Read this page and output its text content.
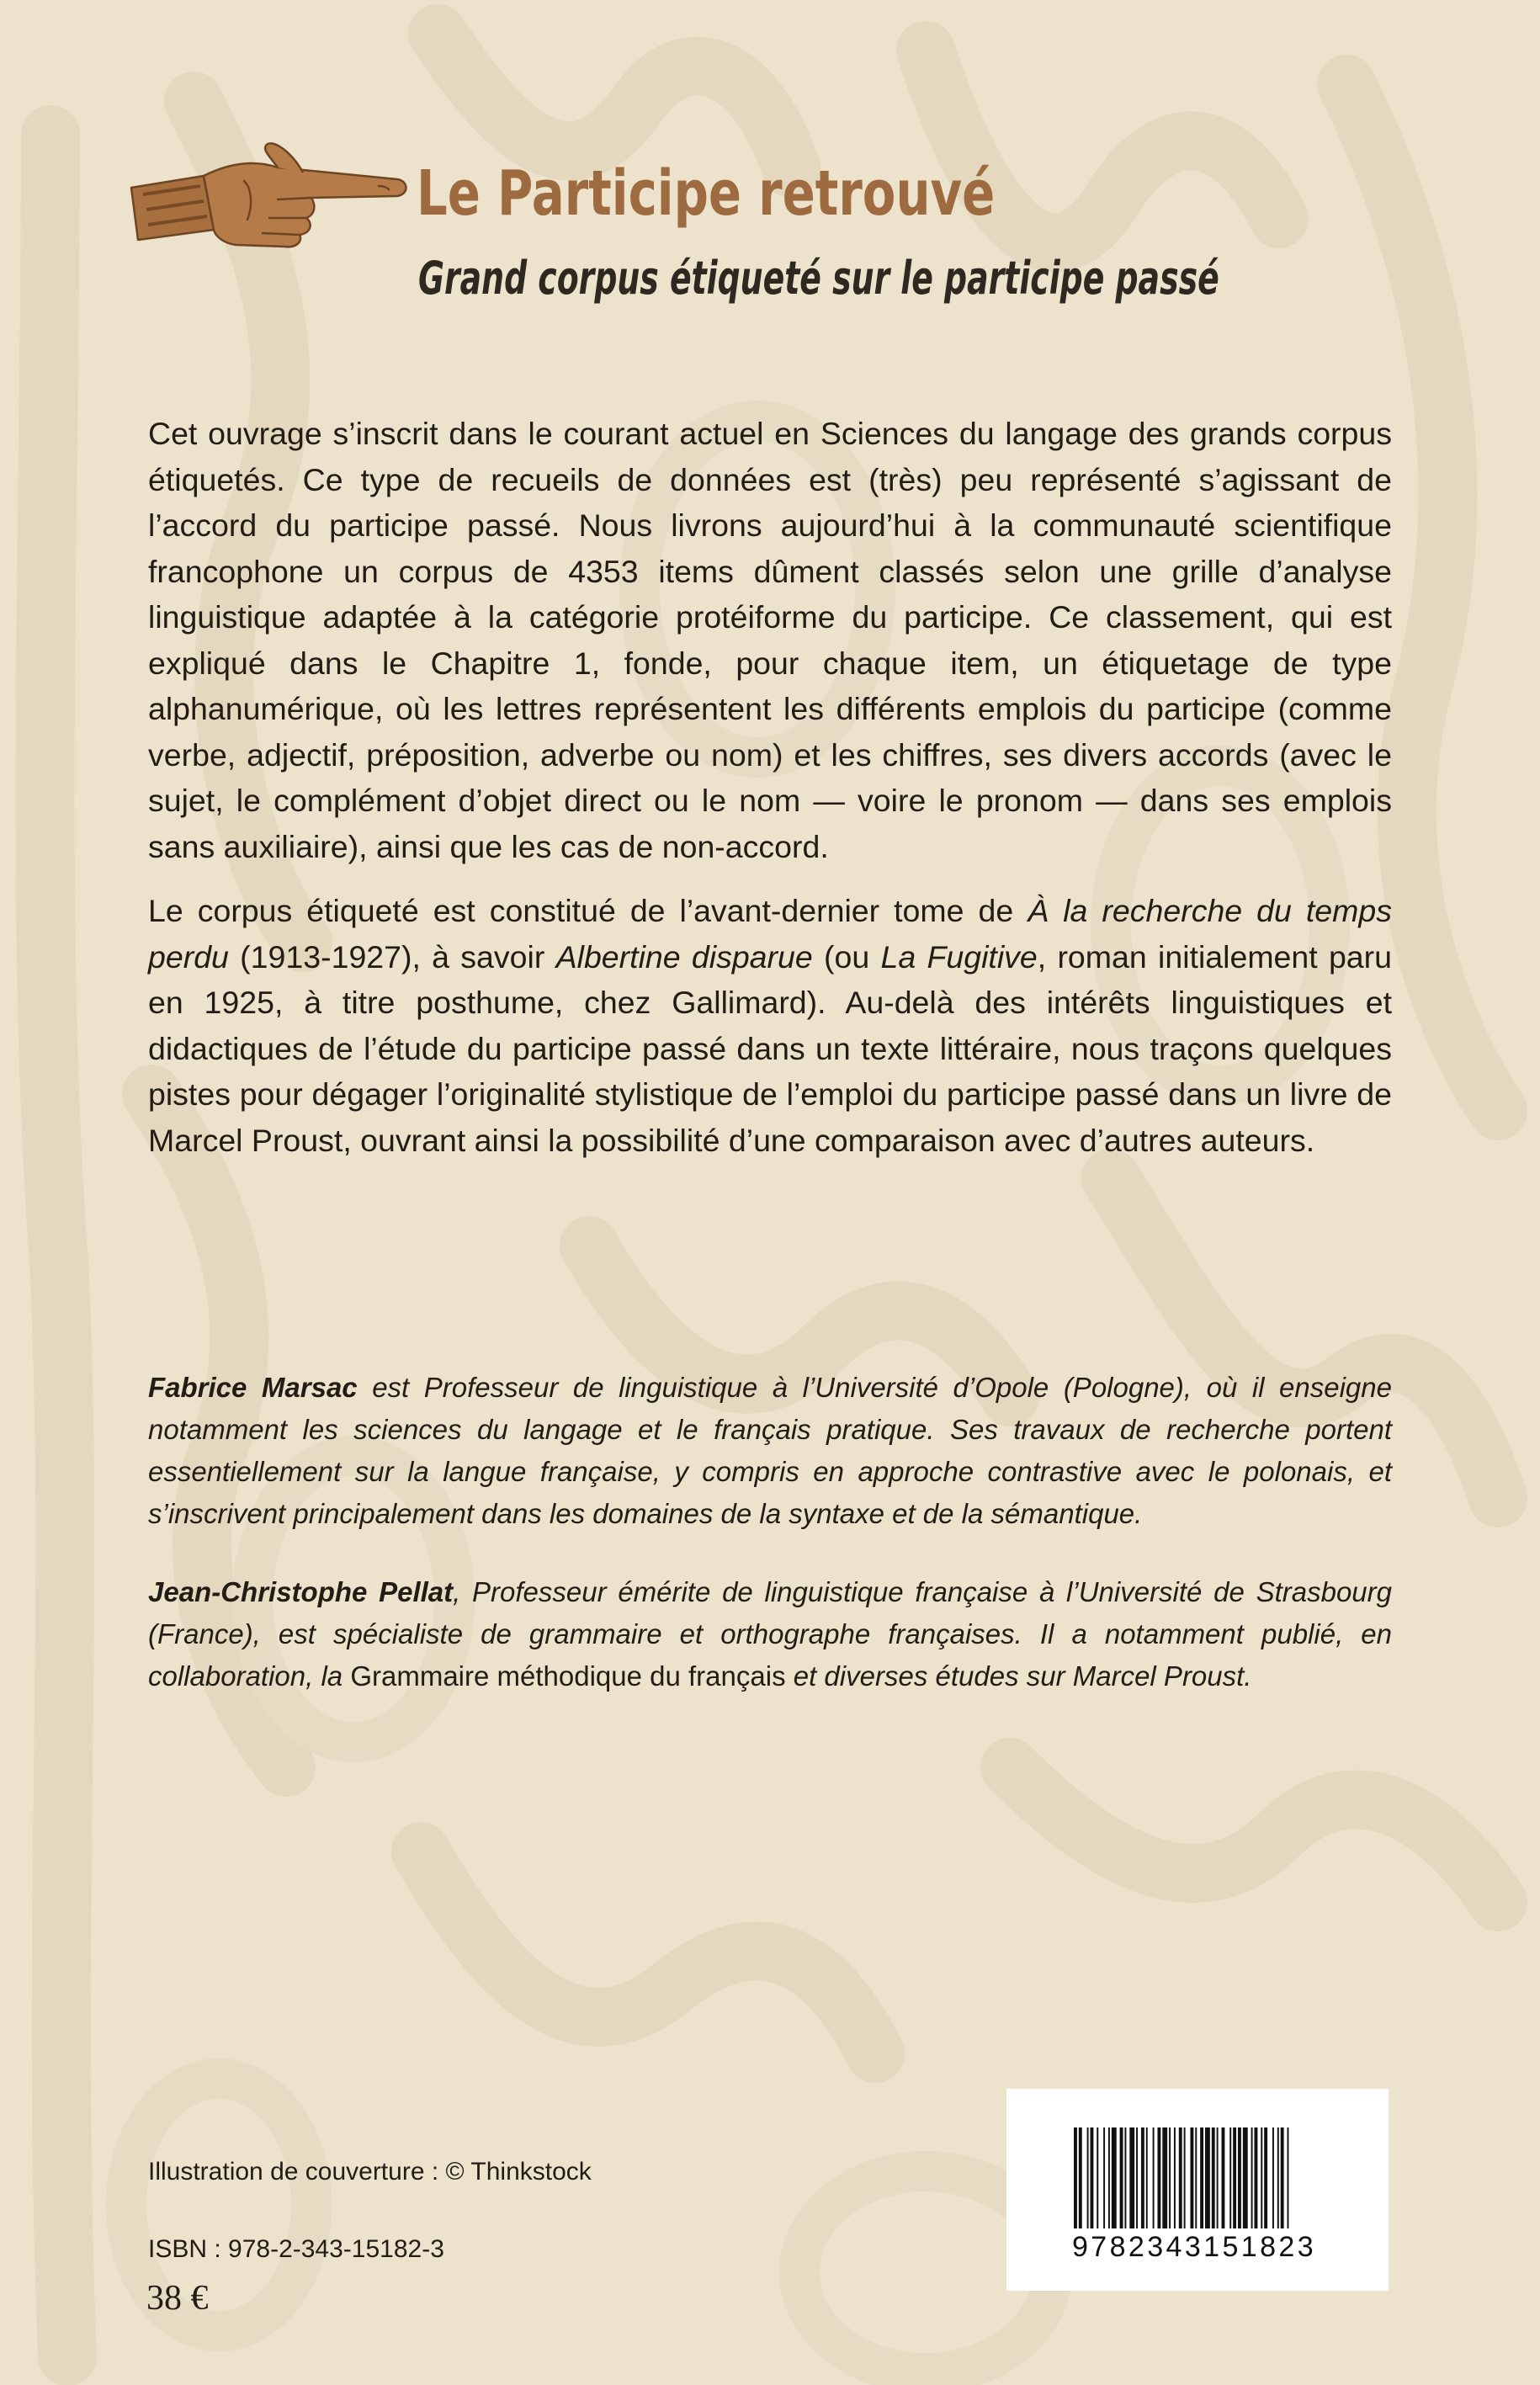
Le Participe retrouvé
Grand corpus étiqueté sur le participe passé

Cet ouvrage s’inscrit dans le courant actuel en Sciences du langage des grands corpus étiquetés. Ce type de recueils de données est (très) peu représenté s’agissant de l’accord du participe passé. Nous livrons aujourd’hui à la communauté scientifique francophone un corpus de 4353 items dûment classés selon une grille d’analyse linguistique adaptée à la catégorie protéiforme du participe. Ce classement, qui est expliqué dans le Chapitre 1, fonde, pour chaque item, un étiquetage de type alphanumérique, où les lettres représentent les différents emplois du participe (comme verbe, adjectif, préposition, adverbe ou nom) et les chiffres, ses divers accords (avec le sujet, le complément d’objet direct ou le nom — voire le pronom — dans ses emplois sans auxiliaire), ainsi que les cas de non-accord.

Le corpus étiqueté est constitué de l’avant-dernier tome de À la recherche du temps perdu (1913-1927), à savoir Albertine disparue (ou La Fugitive, roman initialement paru en 1925, à titre posthume, chez Gallimard). Au-delà des intérêts linguistiques et didactiques de l’étude du participe passé dans un texte littéraire, nous traçons quelques pistes pour dégager l’originalité stylistique de l’emploi du participe passé dans un livre de Marcel Proust, ouvrant ainsi la possibilité d’une comparaison avec d’autres auteurs.

Fabrice Marsac est Professeur de linguistique à l’Université d’Opole (Pologne), où il enseigne notamment les sciences du langage et le français pratique. Ses travaux de recherche portent essentiellement sur la langue française, y compris en approche contrastive avec le polonais, et s’inscrivent principalement dans les domaines de la syntaxe et de la sémantique.

Jean-Christophe Pellat, Professeur émérite de linguistique française à l’Université de Strasbourg (France), est spécialiste de grammaire et orthographe françaises. Il a notamment publié, en collaboration, la Grammaire méthodique du français et diverses études sur Marcel Proust.

Illustration de couverture : © Thinkstock

ISBN : 978-2-343-15182-3

38 €

9782343151823
